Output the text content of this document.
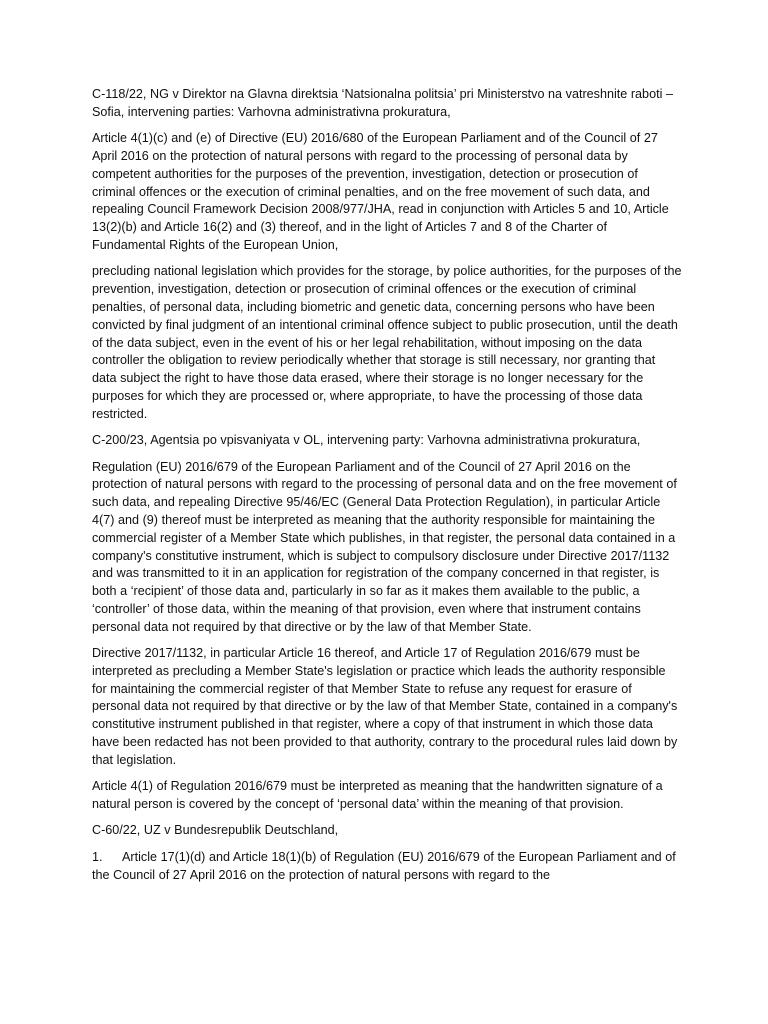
C-118/22, NG v Direktor na Glavna direktsia ‘Natsionalna politsia’ pri Ministerstvo na vatreshnite raboti – Sofia, intervening parties: Varhovna administrativna prokuratura,

Article 4(1)(c) and (e) of Directive (EU) 2016/680 of the European Parliament and of the Council of 27 April 2016 on the protection of natural persons with regard to the processing of personal data by competent authorities for the purposes of the prevention, investigation, detection or prosecution of criminal offences or the execution of criminal penalties, and on the free movement of such data, and repealing Council Framework Decision 2008/977/JHA, read in conjunction with Articles 5 and 10, Article 13(2)(b) and Article 16(2) and (3) thereof, and in the light of Articles 7 and 8 of the Charter of Fundamental Rights of the European Union,

precluding national legislation which provides for the storage, by police authorities, for the purposes of the prevention, investigation, detection or prosecution of criminal offences or the execution of criminal penalties, of personal data, including biometric and genetic data, concerning persons who have been convicted by final judgment of an intentional criminal offence subject to public prosecution, until the death of the data subject, even in the event of his or her legal rehabilitation, without imposing on the data controller the obligation to review periodically whether that storage is still necessary, nor granting that data subject the right to have those data erased, where their storage is no longer necessary for the purposes for which they are processed or, where appropriate, to have the processing of those data restricted.

C-200/23, Agentsia po vpisvaniyata v OL, intervening party: Varhovna administrativna prokuratura,

Regulation (EU) 2016/679 of the European Parliament and of the Council of 27 April 2016 on the protection of natural persons with regard to the processing of personal data and on the free movement of such data, and repealing Directive 95/46/EC (General Data Protection Regulation), in particular Article 4(7) and (9) thereof must be interpreted as meaning that the authority responsible for maintaining the commercial register of a Member State which publishes, in that register, the personal data contained in a company's constitutive instrument, which is subject to compulsory disclosure under Directive 2017/1132 and was transmitted to it in an application for registration of the company concerned in that register, is both a ‘recipient’ of those data and, particularly in so far as it makes them available to the public, a ‘controller’ of those data, within the meaning of that provision, even where that instrument contains personal data not required by that directive or by the law of that Member State.

Directive 2017/1132, in particular Article 16 thereof, and Article 17 of Regulation 2016/679 must be interpreted as precluding a Member State's legislation or practice which leads the authority responsible for maintaining the commercial register of that Member State to refuse any request for erasure of personal data not required by that directive or by the law of that Member State, contained in a company's constitutive instrument published in that register, where a copy of that instrument in which those data have been redacted has not been provided to that authority, contrary to the procedural rules laid down by that legislation.

Article 4(1) of Regulation 2016/679 must be interpreted as meaning that the handwritten signature of a natural person is covered by the concept of ‘personal data’ within the meaning of that provision.

C-60/22, UZ v Bundesrepublik Deutschland,

1. Article 17(1)(d) and Article 18(1)(b) of Regulation (EU) 2016/679 of the European Parliament and of the Council of 27 April 2016 on the protection of natural persons with regard to the
